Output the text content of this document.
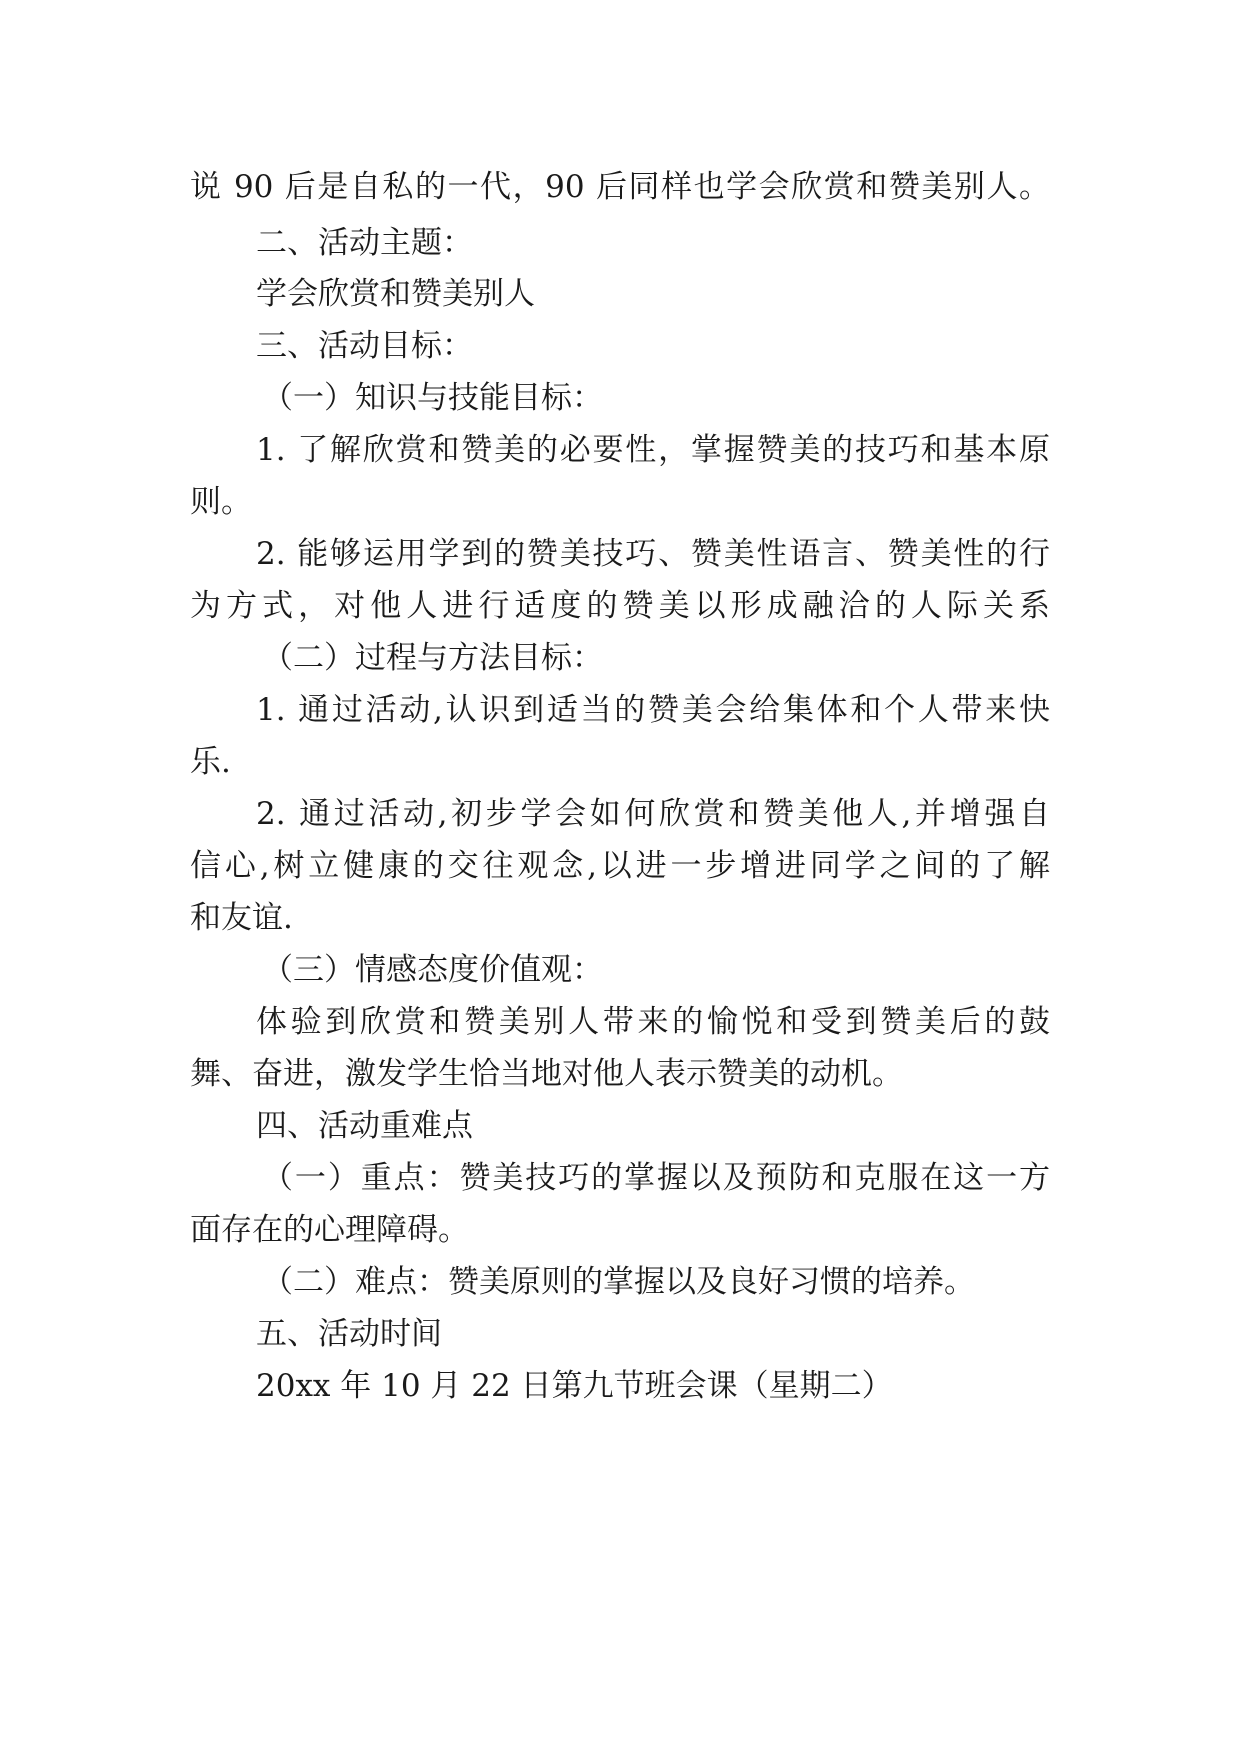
说 90 后是自私的一代，90 后同样也学会欣赏和赞美别人。
二、活动主题：
学会欣赏和赞美别人
三、活动目标：
（一）知识与技能目标：
1. 了解欣赏和赞美的必要性，掌握赞美的技巧和基本原
则。
2. 能够运用学到的赞美技巧、赞美性语言、赞美性的行
为方式，对他人进行适度的赞美以形成融洽的人际关系
（二）过程与方法目标：
1. 通过活动,认识到适当的赞美会给集体和个人带来快
乐.
2. 通过活动,初步学会如何欣赏和赞美他人,并增强自
信心,树立健康的交往观念,以进一步增进同学之间的了解
和友谊.
（三）情感态度价值观：
体验到欣赏和赞美别人带来的愉悦和受到赞美后的鼓
舞、奋进，激发学生恰当地对他人表示赞美的动机。
四、活动重难点
（一）重点：赞美技巧的掌握以及预防和克服在这一方
面存在的心理障碍。
（二）难点：赞美原则的掌握以及良好习惯的培养。
五、活动时间
20xx 年 10 月 22 日第九节班会课（星期二）
